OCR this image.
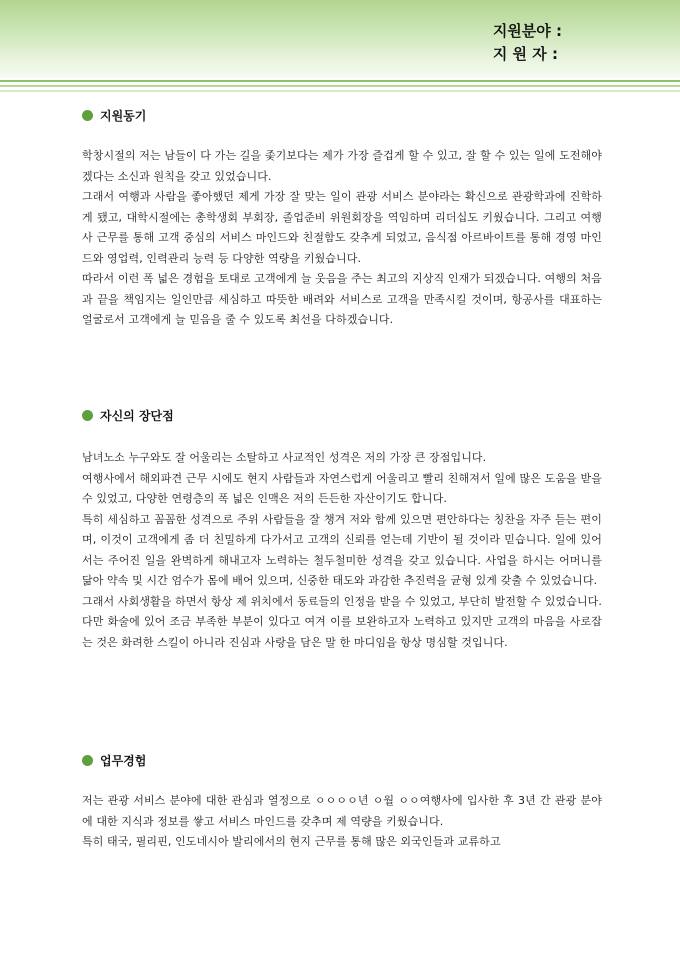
지원분야 :
지 원 자 :
지원동기

학창시절의 저는 남들이 다 가는 길을 좇기보다는 제가 가장 즐겁게 할 수 있고, 잘 할 수 있는 일에 도전해야겠다는 소신과 원칙을 갖고 있었습니다.

그래서 여행과 사람을 좋아했던 제게 가장 잘 맞는 일이 관광 서비스 분야라는 확신으로 관광학과에 진학하게 됐고, 대학시절에는 총학생회 부회장, 졸업준비 위원회장을 역임하며 리더십도 키웠습니다. 그리고 여행사 근무를 통해 고객 중심의 서비스 마인드와 친절함도 갖추게 되었고, 음식점 아르바이트를 통해 경영 마인드와 영업력, 인력관리 능력 등 다양한 역량을 키웠습니다.

따라서 이런 폭 넓은 경험을 토대로 고객에게 늘 웃음을 주는 최고의 지상직 인재가 되겠습니다. 여행의 처음과 끝을 책임지는 일인만큼 세심하고 따뜻한 배려와 서비스로 고객을 만족시킬 것이며, 항공사를 대표하는 얼굴로서 고객에게 늘 믿음을 줄 수 있도록 최선을 다하겠습니다.

자신의 장단점

남녀노소 누구와도 잘 어울리는 소탈하고 사교적인 성격은 저의 가장 큰 장점입니다.

여행사에서 해외파견 근무 시에도 현지 사람들과 자연스럽게 어울리고 빨리 친해져서 일에 많은 도움을 받을 수 있었고, 다양한 연령층의 폭 넓은 인맥은 저의 든든한 자산이기도 합니다.

특히 세심하고 꼼꼼한 성격으로 주위 사람들을 잘 챙겨 저와 함께 있으면 편안하다는 칭찬을 자주 듣는 편이며, 이것이 고객에게 좀 더 친밀하게 다가서고 고객의 신뢰를 얻는데 기반이 될 것이라 믿습니다. 일에 있어서는 주어진 일을 완벽하게 해내고자 노력하는 철두철미한 성격을 갖고 있습니다. 사업을 하시는 어머니를 닮아 약속 및 시간 엄수가 몸에 배어 있으며, 신중한 태도와 과감한 추진력을 균형 있게 갖출 수 있었습니다.

그래서 사회생활을 하면서 항상 제 위치에서 동료들의 인정을 받을 수 있었고, 부단히 발전할 수 있었습니다. 다만 화술에 있어 조금 부족한 부분이 있다고 여겨 이를 보완하고자 노력하고 있지만 고객의 마음을 사로잡는 것은 화려한 스킬이 아니라 진심과 사랑을 담은 말 한 마디임을 항상 명심할 것입니다.

업무경험

저는 관광 서비스 분야에 대한 관심과 열정으로 ㅇㅇㅇㅇ년 ㅇ월 ㅇㅇ여행사에 입사한 후 3년 간 관광 분야에 대한 지식과 정보를 쌓고 서비스 마인드를 갖추며 제 역량을 키웠습니다.

특히 태국, 필리핀, 인도네시아 발리에서의 현지 근무를 통해 많은 외국인들과 교류하고
